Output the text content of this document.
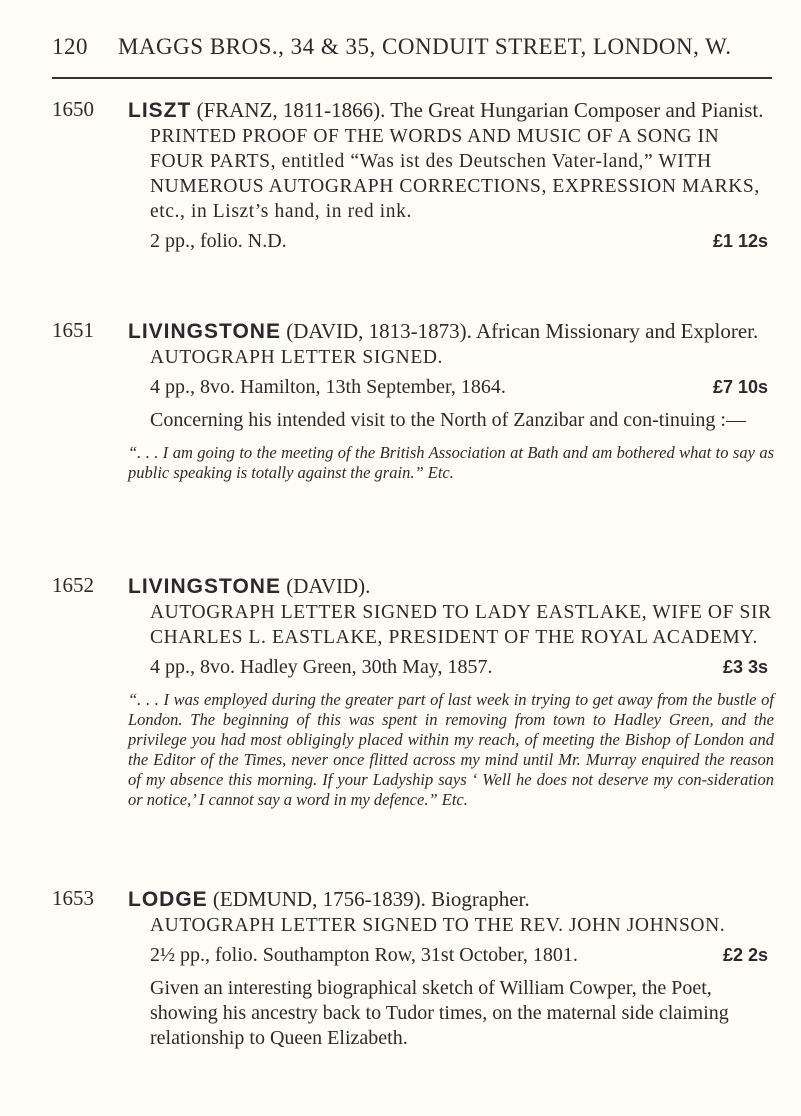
120 MAGGS BROS., 34 & 35, CONDUIT STREET, LONDON, W.
1650 LISZT (FRANZ, 1811-1866). The Great Hungarian Composer and Pianist.
PRINTED PROOF OF THE WORDS AND MUSIC OF A SONG IN FOUR PARTS, entitled “Was ist des Deutschen Vater-land,” WITH NUMEROUS AUTOGRAPH CORRECTIONS, EXPRESSION MARKS, etc., in Liszt’s hand, in red ink.
2 pp., folio. N.D.	£1 12s
1651 LIVINGSTONE (DAVID, 1813-1873). African Missionary and Explorer.
AUTOGRAPH LETTER SIGNED.
4 pp., 8vo. Hamilton, 13th September, 1864.	£7 10s
Concerning his intended visit to the North of Zanzibar and con-tinuing :—
“. . . I am going to the meeting of the British Association at Bath and am bothered what to say as public speaking is totally against the grain.” Etc.
1652 LIVINGSTONE (DAVID).
AUTOGRAPH LETTER SIGNED TO LADY EASTLAKE, WIFE OF SIR CHARLES L. EASTLAKE, PRESIDENT OF THE ROYAL ACADEMY.
4 pp., 8vo. Hadley Green, 30th May, 1857.	£3 3s
“. . . I was employed during the greater part of last week in trying to get away from the bustle of London. The beginning of this was spent in removing from town to Hadley Green, and the privilege you had most obligingly placed within my reach, of meeting the Bishop of London and the Editor of the Times, never once flitted across my mind until Mr. Murray enquired the reason of my absence this morning. If your Ladyship says ‘ Well he does not deserve my con-sideration or notice,’ I cannot say a word in my defence.” Etc.
1653 LODGE (EDMUND, 1756-1839). Biographer.
AUTOGRAPH LETTER SIGNED TO THE REV. JOHN JOHNSON.
2½ pp., folio. Southampton Row, 31st October, 1801.	£2 2s
Given an interesting biographical sketch of William Cowper, the Poet, showing his ancestry back to Tudor times, on the maternal side claiming relationship to Queen Elizabeth.
